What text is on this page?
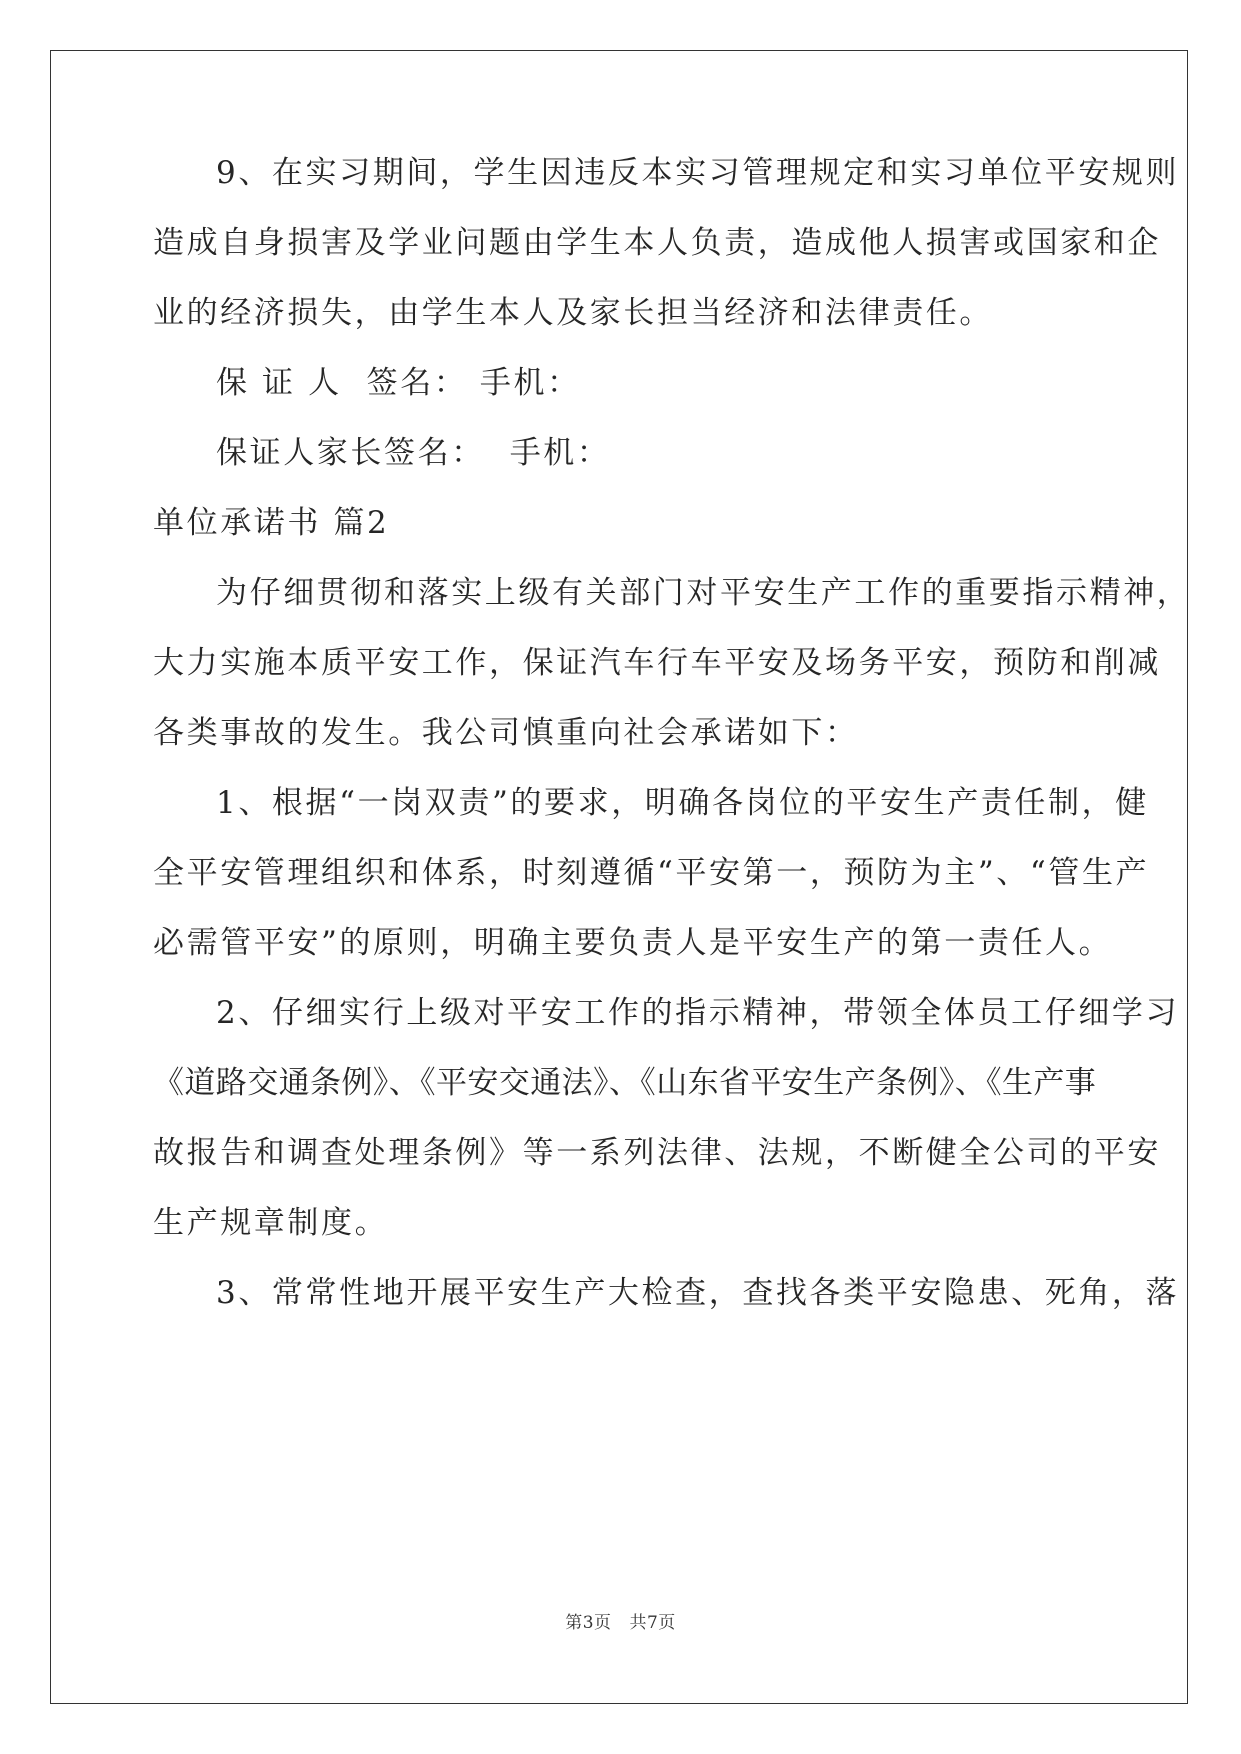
9、在实习期间，学生因违反本实习管理规定和实习单位平安规则
造成自身损害及学业问题由学生本人负责，造成他人损害或国家和企
业的经济损失，由学生本人及家长担当经济和法律责任。
保 证 人  签名： 手机：
保证人家长签名：  手机：
单位承诺书 篇2
为仔细贯彻和落实上级有关部门对平安生产工作的重要指示精神，
大力实施本质平安工作，保证汽车行车平安及场务平安，预防和削减
各类事故的发生。我公司慎重向社会承诺如下：
1、根据“一岗双责”的要求，明确各岗位的平安生产责任制，健
全平安管理组织和体系，时刻遵循“平安第一，预防为主”、“管生产
必需管平安”的原则，明确主要负责人是平安生产的第一责任人。
2、仔细实行上级对平安工作的指示精神，带领全体员工仔细学习
《道路交通条例》、《平安交通法》、《山东省平安生产条例》、《生产事
故报告和调查处理条例》等一系列法律、法规，不断健全公司的平安
生产规章制度。
3、常常性地开展平安生产大检查，查找各类平安隐患、死角，落
第3页 共7页
